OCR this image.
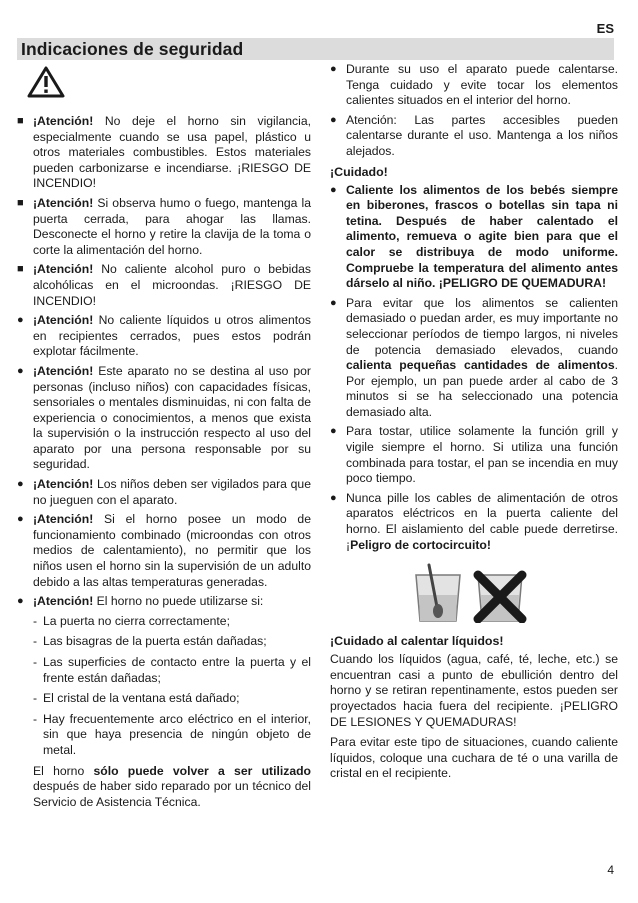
ES
Indicaciones de seguridad
■ ¡Atención! No deje el horno sin vigilancia, especialmente cuando se usa papel, plástico u otros materiales combustibles. Estos materiales pueden carbonizarse e incendiarse. ¡RIESGO DE INCENDIO!
■ ¡Atención! Si observa humo o fuego, mantenga la puerta cerrada, para ahogar las llamas. Desconecte el horno y retire la clavija de la toma o corte la alimentación del horno.
■ ¡Atención! No caliente alcohol puro o bebidas alcohólicas en el microondas. ¡RIESGO DE INCENDIO!
● ¡Atención! No caliente líquidos u otros alimentos en recipientes cerrados, pues estos podrán explotar fácilmente.
● ¡Atención! Este aparato no se destina al uso por personas (incluso niños) con capacidades físicas, sensoriales o mentales disminuidas, ni con falta de experiencia o conocimientos, a menos que exista la supervisión o la instrucción respecto al uso del aparato por una persona responsable por su seguridad.
● ¡Atención! Los niños deben ser vigilados para que no jueguen con el aparato.
● ¡Atención! Si el horno posee un modo de funcionamiento combinado (microondas con otros medios de calentamiento), no permitir que los niños usen el horno sin la supervisión de un adulto debido a las altas temperaturas generadas.
● ¡Atención! El horno no puede utilizarse si:
- La puerta no cierra correctamente;
- Las bisagras de la puerta están dañadas;
- Las superficies de contacto entre la puerta y el frente están dañadas;
- El cristal de la ventana está dañado;
- Hay frecuentemente arco eléctrico en el interior, sin que haya presencia de ningún objeto de metal.
El horno sólo puede volver a ser utilizado después de haber sido reparado por un técnico del Servicio de Asistencia Técnica.
● Durante su uso el aparato puede calentarse. Tenga cuidado y evite tocar los elementos calientes situados en el interior del horno.
● Atención: Las partes accesibles pueden calentarse durante el uso. Mantenga a los niños alejados.
¡Cuidado!
● Caliente los alimentos de los bebés siempre en biberones, frascos o botellas sin tapa ni tetina. Después de haber calentado el alimento, remueva o agite bien para que el calor se distribuya de modo uniforme. Compruebe la temperatura del alimento antes dárselo al niño. ¡PELIGRO DE QUEMADURA!
● Para evitar que los alimentos se calienten demasiado o puedan arder, es muy importante no seleccionar períodos de tiempo largos, ni niveles de potencia demasiado elevados, cuando calienta pequeñas cantidades de alimentos. Por ejemplo, un pan puede arder al cabo de 3 minutos si se ha seleccionado una potencia demasiado alta.
● Para tostar, utilice solamente la función grill y vigile siempre el horno. Si utiliza una función combinada para tostar, el pan se incendia en muy poco tiempo.
● Nunca pille los cables de alimentación de otros aparatos eléctricos en la puerta caliente del horno. El aislamiento del cable puede derretirse. ¡Peligro de cortocircuito!
¡Cuidado al calentar líquidos!
Cuando los líquidos (agua, café, té, leche, etc.) se encuentran casi a punto de ebullición dentro del horno y se retiran repentinamente, estos pueden ser proyectados hacia fuera del recipiente. ¡PELIGRO DE LESIONES Y QUEMADURAS!
Para evitar este tipo de situaciones, cuando caliente líquidos, coloque una cuchara de té o una varilla de cristal en el recipiente.
4
